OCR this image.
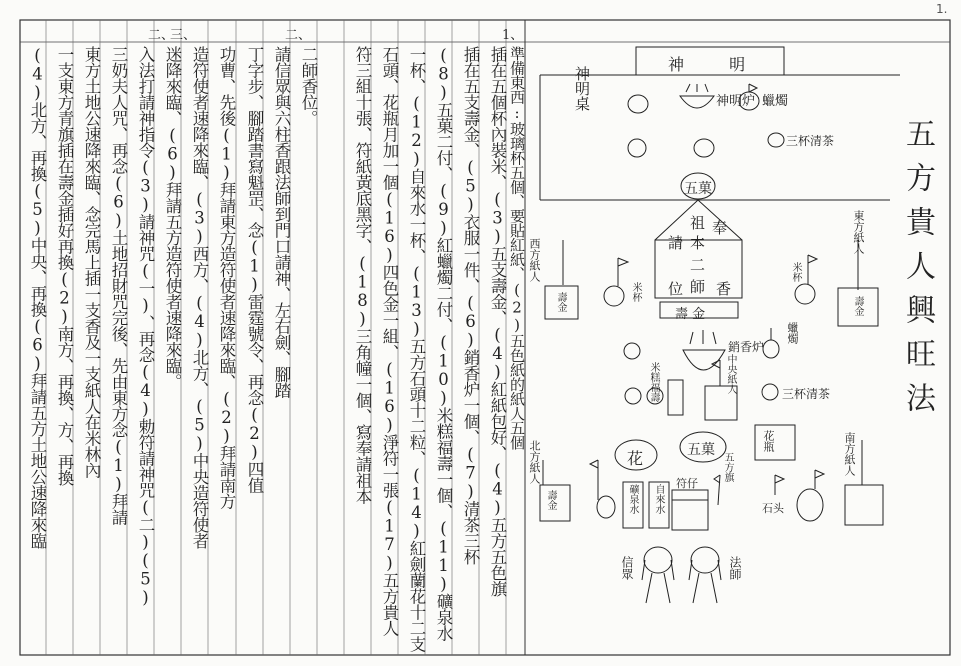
1.
二、
三、	二、	1、
(4)北方、再換(5)中央、再換(6)拜請五方土地公速降來臨 一支東方青旗插在壽金插好再換(2)南方、再換、方、再換 東方土地公速降來臨、念完馬上插一支香及一支紙人在米林內 三奶夫人咒、再念(6)土地招財咒完後、先由東方念(1)拜請 入法打請神指令(3)請神咒(一)、再念(4)勅符請神咒(二)(5) 迷降來臨、(6)拜請五方造符使者速降來臨。 造符使者速降來臨、(3)西方、(4)北方、(5)中央造符使者 功曹、先後(1)拜請東方造符使者速降來臨、(2)拜請南方 丁字步、腳踏書寫魁罡、念(1)雷霆號令、再念(2)四值 請信眾與六柱香跟法師到門口請神、左右劍、腳踏 二師香位。 符三組十張、符紙黃底黑字、(18)三角幢一個、寫奉請祖本 石頭、花瓶月加一個(16)四色金一組、(16)淨符一張(17)五方貴人 一杯、(12)自來水一杯、(13)五方石頭十二粒、(14)紅劍蘭花十二支 (8)五菓二付、(9)紅蠟燭二付、(10)米糕福壽一個、(11)礦泉水 插在五支壽金、(5)衣服一件、(6)銷香炉一個、(7)清茶三杯 插在五個杯內裝米、(3)五支壽金、(4)紅紙包好、(4)五方五色旗 準備東西:玻璃杯五個、要貼紅紙、(2)五色紙的紙人五個	五方貴人興旺法
神 明
神明桌	神明炉 蠟燭
三杯清茶
五菓
奉
祖
本
請
二
師
位 香
壽 金
西方紙人
東方紙人
南方紙人
北方紙人
米杯
米杯
壽金	壽金
銷香炉
蠟燭
三杯清茶
中央紙人
五菓
花
米糕福壽
花瓶
礦泉水 自來水
符仔
石头
信眾	法師
五方旗
壽金
